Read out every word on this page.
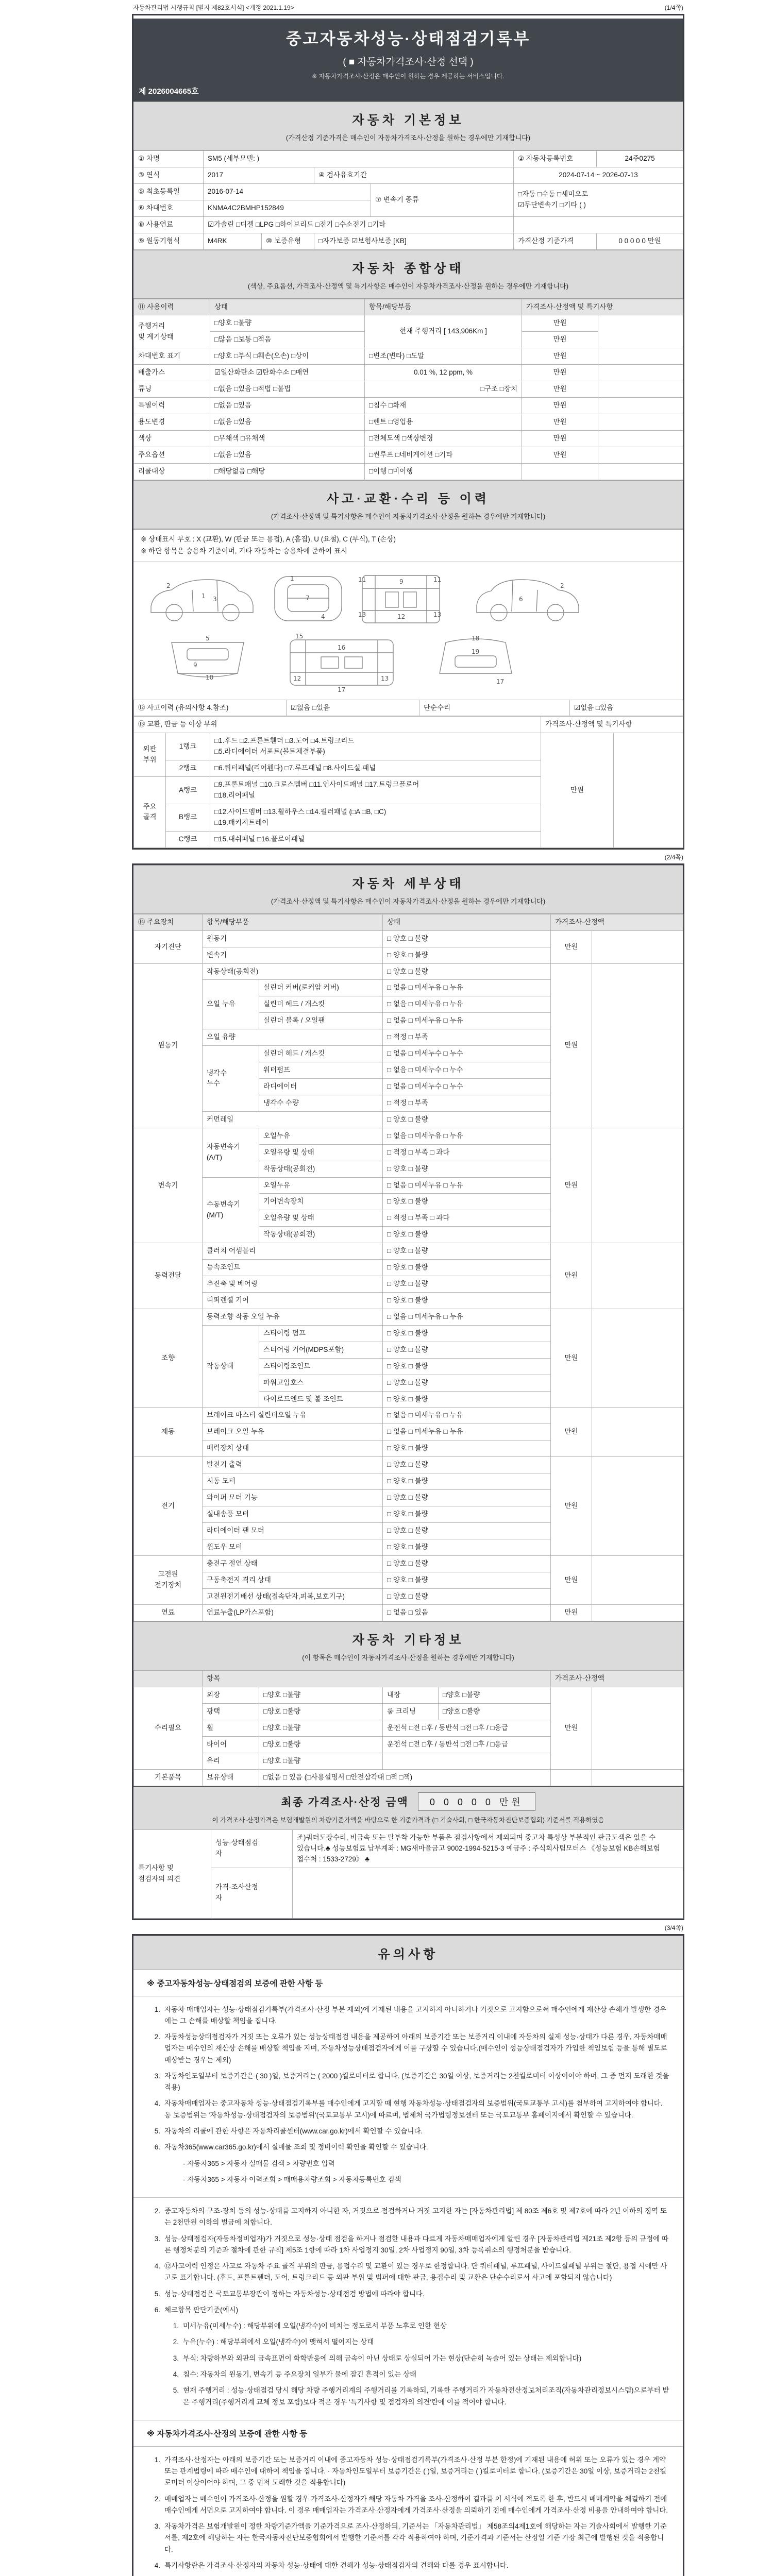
자동차관리법 시행규칙 [별지 제82호서식] <개정 2021.1.19>	(1/4쪽)
중고자동차성능·상태점검기록부
( ■ 자동차가격조사·산정 선택 )
※ 자동차가격조사·산정은 매수인이 원하는 경우 제공하는 서비스입니다.
제 2026004665호
자동차 기본정보
(가격산정 기준가격은 매수인이 자동차가격조사·산정을 원하는 경우에만 기재합니다)
① 차명	SM5 (세부모델: )				② 자동차등록번호	24주0275
③ 연식	2017		④ 검사유효기간		2024-07-14 ~ 2026-07-13	
⑤ 최초등록일	2016-07-14			⑦ 변속기 종류	□자동 □수동 □세미오토
☑무단변속기 □기타 ( )	
⑥ 차대번호	KNMA4C2BMHP152849					
⑧ 사용연료	☑가솔린 □디젤 □LPG □하이브리드 □전기 □수소전기 □기타					
⑨ 원동기형식	M4RK	⑩ 보증유형	□자가보증 ☑보험사보증 [KB]		가격산정 기준가격	0 0 0 0 0 만원
자동차 종합상태
(색상, 주요옵션, 가격조사·산정액 및 특기사항은 매수인이 자동차가격조사·산정을 원하는 경우에만 기재합니다)
⑪ 사용이력	상태	항목/해당부품	가격조사·산정액 및 특기사항	
주행거리
및 계기상태	□양호 □불량	현재 주행거리 [ 143,906Km ]	만원	
	□많음 □보통 □적음		만원	
차대번호 표기	□양호 □부식 □훼손(오손) □상이	□변조(변타) □도말	만원	
배출가스	☑일산화탄소 ☑탄화수소 □매연	0.01 %, 12 ppm, %	만원	
튜닝	□없음 □있음 □적법 □불법	□구조 □장치	만원	
특별이력	□없음 □있음	□침수 □화재	만원	
용도변경	□없음 □있음	□렌트 □영업용	만원	
색상	□무채색 □유채색	□전체도색 □색상변경	만원	
주요옵션	□없음 □있음	□썬루프 □네비게이션 □기타	만원	
리콜대상	□해당없음 □해당	□이행 □미이행		
사고·교환·수리 등 이력
(가격조사·산정액 및 특기사항은 매수인이 자동차가격조사·산정을 원하는 경우에만 기재합니다)
※ 상태표시 부호 : X (교환), W (판금 또는 용접), A (흠집), U (요철), C (부식), T (손상)
※ 하단 항목은 승용차 기준이며, 기타 자동차는 승용차에 준하여 표시
1
2
3	7
1
4
11	9	11
13	12	13
2
6
5
9
10
15
16
12	13
17
18
19
17
⑫ 사고이력 (유의사항 4.참조)	☑없음 □있음	단순수리	☑없음 □있음
⑬ 교환, 판금 등 이상 부위			가격조사·산정액 및 특기사항	
외판
부위	1랭크	□1.후드 □2.프론트휀더 □3.도어 □4.트렁크리드
□5.라디에이터 서포트(볼트체결부품)	만원	
	2랭크	□6.쿼터패널(리어휀다) □7.루프패널 □8.사이드실 패널		
주요
골격	A랭크	□9.프론트패널 □10.크로스멤버 □11.인사이드패널 □17.트렁크플로어
□18.리어패널		
	B랭크	□12.사이드멤버 □13.휠하우스 □14.필러패널 (□A □B, □C)
□19.패키지트레이		
	C랭크	□15.대쉬패널 □16.플로어패널		
(2/4쪽)
자동차 세부상태
(가격조사·산정액 및 특기사항은 매수인이 자동차가격조사·산정을 원하는 경우에만 기재합니다)
⑭ 주요장치	항목/해당부품		상태	가격조사·산정액	
자기진단	원동기		□ 양호 □ 불량	만원	
	변속기		□ 양호 □ 불량		
원동기	작동상태(공회전)		□ 양호 □ 불량	만원	
	오일 누유	실린더 커버(로커암 커버)	□ 없음 □ 미세누유 □ 누유		
		실린더 헤드 / 개스킷	□ 없음 □ 미세누유 □ 누유		
		실린더 블록 / 오일팬	□ 없음 □ 미세누유 □ 누유		
	오일 유량		□ 적정 □ 부족		
	냉각수
누수	실린더 헤드 / 개스킷	□ 없음 □ 미세누수 □ 누수		
		워터펌프	□ 없음 □ 미세누수 □ 누수		
		라디에이터	□ 없음 □ 미세누수 □ 누수		
		냉각수 수량	□ 적정 □ 부족		
	커먼레일		□ 양호 □ 불량		
변속기	자동변속기
(A/T)	오일누유	□ 없음 □ 미세누유 □ 누유	만원	
		오일유량 및 상태	□ 적정 □ 부족 □ 과다		
		작동상태(공회전)	□ 양호 □ 불량		
	수동변속기
(M/T)	오일누유	□ 없음 □ 미세누유 □ 누유		
		기어변속장치	□ 양호 □ 불량		
		오일유량 및 상태	□ 적정 □ 부족 □ 과다		
		작동상태(공회전)	□ 양호 □ 불량		
동력전달	클러치 어셈블리		□ 양호 □ 불량	만원	
	등속조인트		□ 양호 □ 불량		
	추진축 및 베어링		□ 양호 □ 불량		
	디퍼렌셜 기어		□ 양호 □ 불량		
조향	동력조향 작동 오일 누유		□ 없음 □ 미세누유 □ 누유	만원	
	작동상태	스티어링 펌프	□ 양호 □ 불량		
		스티어링 기어(MDPS포함)	□ 양호 □ 불량		
		스티어링조인트	□ 양호 □ 불량		
		파워고압호스	□ 양호 □ 불량		
		타이로드엔드 및 볼 조인트	□ 양호 □ 불량		
제동	브레이크 마스터 실린더오일 누유		□ 없음 □ 미세누유 □ 누유	만원	
	브레이크 오일 누유		□ 없음 □ 미세누유 □ 누유		
	배력장치 상태		□ 양호 □ 불량		
전기	발전기 출력		□ 양호 □ 불량	만원	
	시동 모터		□ 양호 □ 불량		
	와이퍼 모터 기능		□ 양호 □ 불량		
	실내송풍 모터		□ 양호 □ 불량		
	라디에이터 팬 모터		□ 양호 □ 불량		
	윈도우 모터		□ 양호 □ 불량		
고전원
전기장치	충전구 절연 상태		□ 양호 □ 불량	만원	
	구동축전지 격리 상태		□ 양호 □ 불량		
	고전원전기배선 상태(접속단자,피복,보호기구)		□ 양호 □ 불량		
연료	연료누출(LP가스포함)		□ 없음 □ 있음	만원	
자동차 기타정보
(이 항목은 매수인이 자동차가격조사·산정을 원하는 경우에만 기재합니다)
	항목				가격조사·산정액	
수리필요	외장	□양호 □불량	내장	□양호 □불량	만원	
	광택	□양호 □불량	룸 크리닝	□양호 □불량		
	휠	□양호 □불량	운전석 □전 □후 / 동반석 □전 □후 / □응급			
	타이어	□양호 □불량	운전석 □전 □후 / 동반석 □전 □후 / □응급			
	유리	□양호 □불량				
기본품목	보유상태	□없음 □ 있음 (□사용설명서 □안전삼각대 □잭 □잭)				
최종 가격조사·산정 금액	0 0 0 0 0 만원
이 가격조사·산정가격은 보험개발원의 차량기준가액을 바탕으로 한 기준가격과 (□ 기술사회, □ 한국자동차진단보증협회) 기준서를 적용하였음
특기사항 및
점검자의 의견	성능·상태점검
자	조)쿼터도장수리, 비금속 또는 탈부착 가능한 부품은 점검사항에서 제외되며 중고차 특성상 부분적인 판금도색은 있을 수 있습니다.♣ 성능보험료 납부계좌 : MG새마을금고 9002-1994-5215-3 예금주 : 주식회사팀모터스 《성능보험 KB손해보험 접수처 : 1533-2729》 ♣
	가격·조사산정
자	
(3/4쪽)
유의사항
※ 중고자동차성능·상태점검의 보증에 관한 사항 등
1. 자동차 매매업자는 성능·상태점검기록부(가격조사·산정 부분 제외)에 기재된 내용을 고지하지 아니하거나 거짓으로 고지함으로써 매수인에게 재산상 손해가 발생한 경우에는 그 손해를 배상할 책임을 집니다.
2. 자동차성능상태점검자가 거짓 또는 오류가 있는 성능상태점검 내용을 제공하여 아래의 보증기간 또는 보증거리 이내에 자동차의 실제 성능·상태가 다른 경우, 자동차매매업자는 매수인의 재산상 손해를 배상할 책임을 지며, 자동차성능상태점검자에게 이를 구상할 수 있습니다.(매수인이 성능상태점검자가 가입한 책임보험 등을 통해 별도로 배상받는 경우는 제외)
3. 자동차인도일부터 보증기간은 ( 30 )일, 보증거리는 ( 2000 )킬로미터로 합니다. (보증기간은 30일 이상, 보증거리는 2천킬로미터 이상이어야 하며, 그 중 먼저 도래한 것을 적용)
4. 자동차매매업자는 중고자동차 성능·상태점검기록부를 매수인에게 고지할 때 현행 자동차성능·상태점검자의 보증범위(국토교통부 고시)를 첨부하여 고지하여야 합니다. 동 보증범위는 '자동차성능·상태점검자의 보증범위'(국토교통부 고시)에 따르며, 법제처 국가법령정보센터 또는 국토교통부 홈페이지에서 확인할 수 있습니다.
5. 자동차의 리콜에 관한 사항은 자동차리콜센터(www.car.go.kr)에서 확인할 수 있습니다.
6. 자동차365(www.car365.go.kr)에서 실매물 조회 및 정비이력 확인을 확인할 수 있습니다.
- 자동차365 > 자동차 실매물 검색 > 차량번호 입력
- 자동차365 > 자동차 이력조회 > 매매용차량조회 > 자동차등록번호 검색
2. 중고자동차의 구조·장치 등의 성능·상태를 고지하지 아니한 자, 거짓으로 점검하거나 거짓 고지한 자는 [자동차관리법] 제 80조 제6호 및 제7호에 따라 2년 이하의 징역 또는 2천만원 이하의 벌금에 처합니다.
3. 성능·상태점검자(자동차정비업자)가 거짓으로 성능·상태 점검을 하거나 점검한 내용과 다르게 자동차매매업자에게 알린 경우 [자동차관리법 제21조 제2항 등의 규정에 따른 행정처분의 기준과 절차에 관한 규칙] 제5조 1항에 따라 1차 사업정지 30일, 2차 사업정지 90일, 3차 등록취소의 행정처분을 받습니다.
4. ⑫사고이력 인정은 사고로 자동차 주요 골격 부위의 판금, 용접수리 및 교환이 있는 경우로 한정합니다. 단 쿼터패널, 루프패널, 사이드실패널 부위는 절단, 용접 시에만 사고로 표기합니다. (후드, 프론트펜더, 도어, 트렁크리드 등 외판 부위 및 범퍼에 대한 판금, 용접수리 및 교환은 단순수리로서 사고에 포함되지 않습니다)
5. 성능·상태점검은 국토교통부장관이 정하는 자동차성능·상태점검 방법에 따라야 합니다.
6. 체크항목 판단기준(예시)
1. 미세누유(미세누수) : 해당부위에 오일(냉각수)이 비치는 정도로서 부품 노후로 인한 현상
2. 누유(누수) : 해당부위에서 오일(냉각수)이 맺혀서 떨어지는 상태
3. 부식: 차량하부와 외판의 금속표면이 화학반응에 의해 금속이 아닌 상태로 상실되어 가는 현상(단순히 녹슬어 있는 상태는 제외합니다)
4. 침수: 자동차의 원동기, 변속기 등 주요장치 일부가 물에 잠긴 흔적이 있는 상태
5. 현재 주행거리 : 성능·상태점검 당시 해당 차량 주행거리계의 주행거리를 기록하되, 기록한 주행거리가 자동차전산정보처리조직(자동차관리정보시스템)으로부터 받은 주행거리(주행거리계 교체 정보 포함)보다 적은 경우 '특기사항 및 점검자의 의견'란에 이를 적어야 합니다.
※ 자동차가격조사·산정의 보증에 관한 사항 등
1. 가격조사·산정자는 아래의 보증기간 또는 보증거리 이내에 중고자동차 성능·상태점검기록부(가격조사·산정 부분 한정)에 기재된 내용에 허위 또는 오류가 있는 경우 계약 또는 관계법령에 따라 매수인에 대하여 책임을 집니다. · 자동차인도일부터 보증기간은 ( )일, 보증거리는 ( )킬로미터로 합니다. (보증기간은 30일 이상, 보증거리는 2천킬로미터 이상이어야 하며, 그 중 먼저 도래한 것을 적용합니다)
2. 매매업자는 매수인이 가격조사·산정을 원할 경우 가격조사·산정자가 해당 자동차 가격을 조사·산정하여 결과를 이 서식에 적도록 한 후, 반드시 매매계약을 체결하기 전에 매수인에게 서면으로 고지하여야 합니다. 이 경우 매매업자는 가격조사·산정자에게 가격조사·산정을 의뢰하기 전에 매수인에게 가격조사·산정 비용을 안내하여야 합니다.
3. 자동차가격은 보험개발원이 정한 차량기준가액을 기준가격으로 조사·산정하되, 기준서는 「자동차관리법」 제58조의4제1호에 해당하는 자는 기술사회에서 발행한 기준서를, 제2호에 해당하는 자는 한국자동차진단보증협회에서 발행한 기준서를 각각 적용하여야 하며, 기준가격과 기준서는 산정일 기준 가장 최근에 발행된 것을 적용합니다.
4. 특기사항란은 가격조사·산정자의 자동차 성능·상태에 대한 견해가 성능·상태점검자의 견해와 다를 경우 표시합니다.
